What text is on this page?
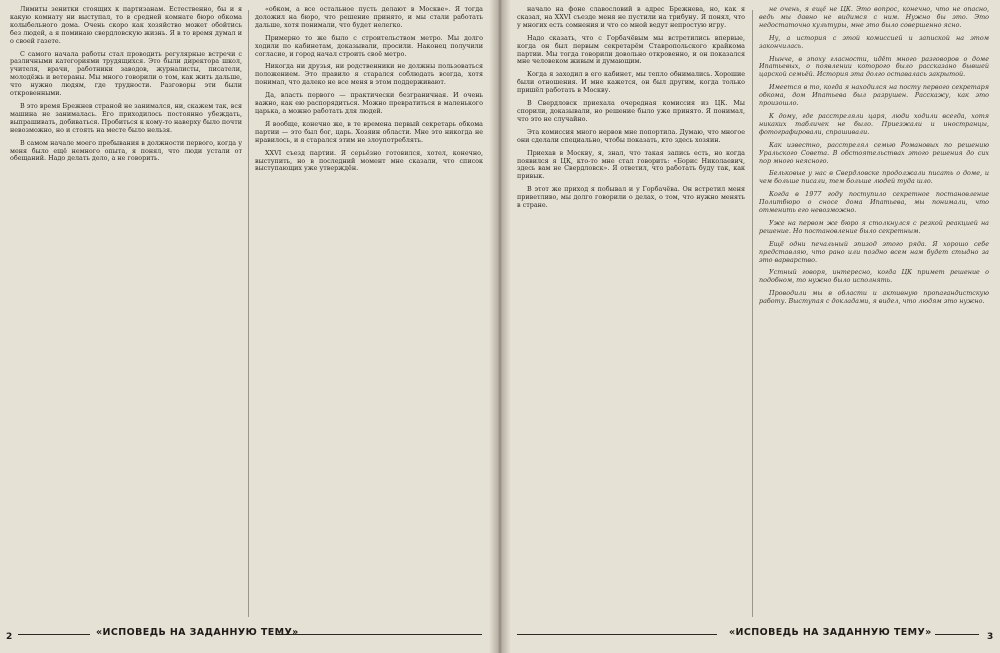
Лимиты зенитки стоящих к партизанам. Естественно, бы и я какую комнату ни выступал, то в средней комнате бюро обкома колыбельного дома. Очень скоро как хозяйство может обойтись без людей, а я поминаю свердловскую жизнь. Я в то время думал и о своей газете.

С самого начала работы стал проводить регулярные встречи с различными категориями трудящихся. Это были директора школ, учителя, врачи, работники заводов, журналисты, писатели, молодёжь и ветераны. Мы много говорили о том, как жить дальше, что нужно людям, где трудности. Разговоры эти были откровенными.

В это время Брежнев страной не занимался, ни, скажем так, вся машина не занималась. Его приходилось постоянно убеждать, выпрашивать, добиваться. Пробиться к кому-то наверху было почти невозможно, но и стоять на месте было нельзя.

В самом начале моего пребывания в должности первого, когда у меня было ещё немного опыта, я понял, что люди устали от обещаний. Надо делать дело, а не говорить.

«обком, а все остальное пусть делают в Москве». Я тогда доложил на бюро, что решение принято, и мы стали работать дальше, хотя понимали, что будет нелегко.

Примерно то же было с строительством метро. Мы долго ходили по кабинетам, доказывали, просили. Наконец получили согласие, и город начал строить своё метро.

Никогда ни друзья, ни родственники не должны пользоваться положением. Это правило я старался соблюдать всегда, хотя понимал, что далеко не все меня в этом поддерживают.

Да, власть первого — практически безграничная. И очень важно, как ею распорядиться. Можно превратиться в маленького царька, а можно работать для людей.

Я вообще, конечно же, в те времена первый секретарь обкома партии — это был бог, царь. Хозяин области. Мне это никогда не нравилось, и я старался этим не злоупотреблять.

XXVI съезд партии. Я серьёзно готовился, хотел, конечно, выступить, но в последний момент мне сказали, что список выступающих уже утверждён.

2	«ИСПОВЕДЬ НА ЗАДАННУЮ ТЕМУ»

начало на фоне славословий в адрес Брежнева, но, как я сказал, на ХХVI съезде меня не пустили на трибуну. Я понял, что у многих есть сомнения и что со мной ведут непростую игру.

Надо сказать, что с Горбачёвым мы встретились впервые, когда он был первым секретарём Ставропольского крайкома партии. Мы тогда говорили довольно откровенно, и он показался мне человеком живым и думающим.

Когда я заходил в его кабинет, мы тепло обнимались. Хорошие были отношения. И мне кажется, он был другим, когда только пришёл работать в Москву.

В Свердловск приехала очередная комиссия из ЦК. Мы спорили, доказывали, но решение было уже принято. Я понимал, что это не случайно.

Эта комиссия много нервов мне попортила. Думаю, что многое они сделали специально, чтобы показать, кто здесь хозяин.

Приехав в Москву, я, знал, что такая запись есть, но когда появился я ЦК, кто-то мне стал говорить: «Борис Николаевич, здесь вам не Свердловск». Я ответил, что работать буду так, как привык.

В этот же приход я побывал и у Горбачёва. Он встретил меня приветливо, мы долго говорили о делах, о том, что нужно менять в стране.

не очень, я ещё не ЦК. Это вопрос, конечно, что не опасно, ведь мы давно не видимся с ним. Нужно бы это. Это недостаточно культуры, мне это было совершенно ясно.

Ну, а история с этой комиссией и запиской на этом закончилась.

Нынче, в эпоху гласности, идёт много разговоров о доме Ипатьевых, о появлении которого было рассказано бывшей царской семьёй. История эта долго оставалась закрытой.

Имеется в то, когда я находился на посту первого секретаря обкома, дом Ипатьева был разрушен. Расскажу, как это произошло.

К дому, где расстреляли царя, люди ходили всегда, хотя никаких табличек не было. Приезжали и иностранцы, фотографировали, спрашивали.

Как известно, расстрелял семью Романовых по решению Уральского Совета. В обстоятельствах этого решения до сих пор много неясного.

Бельковые у нас в Свердловске продолжали писать о доме, и чем больше писали, тем больше людей туда шло.

Когда в 1977 году поступило секретное постановление Политбюро о сносе дома Ипатьева, мы понимали, что отменить его невозможно.

Уже на первом же бюро я столкнулся с резкой реакцией на решение. Но постановление было секретным.

Ещё одни печальный эпизод этого ряда. Я хорошо себе представляю, что рано или поздно всем нам будет стыдно за это варварство.

Устный говоря, интересно, когда ЦК примет решение о подобном, то нужно было исполнять.

Проводили мы в области и активную пропагандистскую работу. Выступая с докладами, я видел, что людям это нужно.

«ИСПОВЕДЬ НА ЗАДАННУЮ ТЕМУ»	3
